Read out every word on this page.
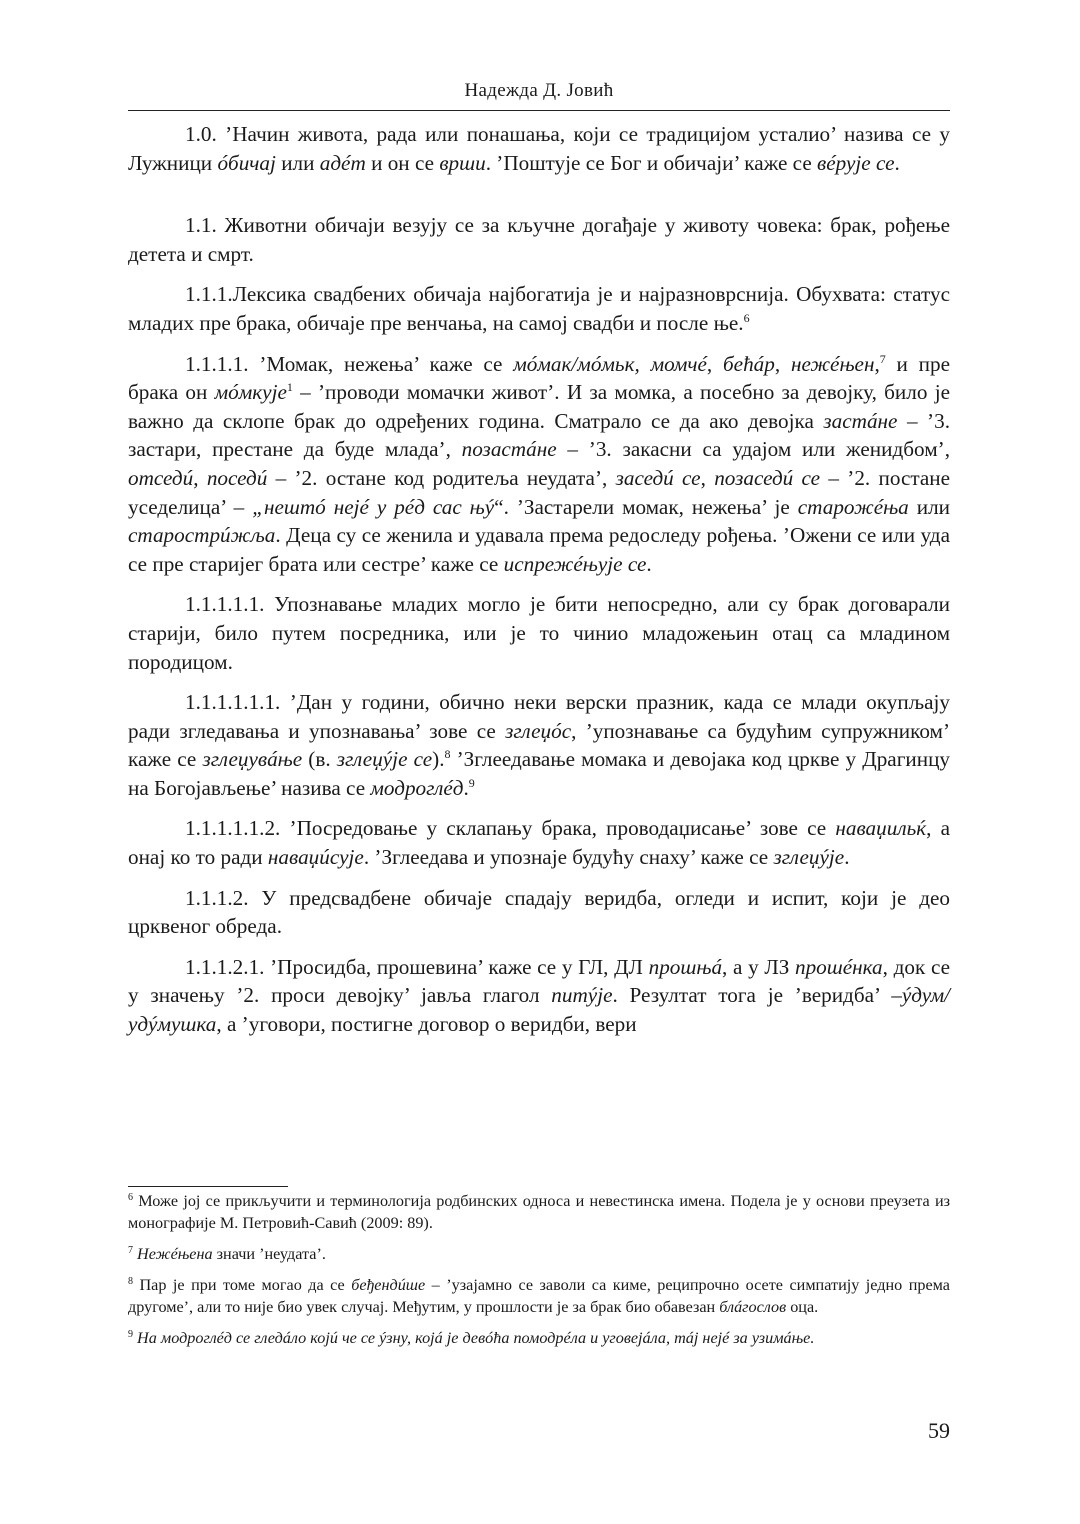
Надежда Д. Јовић

1.0. ’Начин живота, рада или понашања, који се традицијом усталио’ назива се у Лужници óбичај или адéт и он се врши. ’Поштује се Бог и обичаји’ каже се вéрује се.

1.1. Животни обичаји везују се за кључне догађаје у животу човека: брак, рођење детета и смрт.

1.1.1.Лексика свадбених обичаја најбогатија је и најразноврснија. Обухвата: статус младих пре брака, обичаје пре венчања, на самој свадби и после ње.$^6$

1.1.1.1. ’Момак, нежења’ каже се мóмак/мóмьк, момчé, беħáр, нежéњен,$^7$ и пре брака он мóмкује$^1$ – ’проводи момачки живот’. И за момка, а посебно за девојку, било је важно да склопе брак до одређених година. Сматрало се да ако девојка застáне – ’3. застари, престане да буде млада’, позастáне – ’3. закасни са удајом или женидбом’, отседú, поседú – ’2. остане код родитеља неудата’, заседú се, позаседú се – ’2. постане уседелица’ – „нештó нејé у рéд сас њý“. ’Застарели момак, нежења’ је старожéња или старострúжља. Деца су се женила и удавала према редоследу рођења. ’Ожени се или уда се пре старијег брата или сестре’ каже се испрежéњује се.

1.1.1.1.1. Упознавање младих могло је бити непосредно, али су брак договарали старији, било путем посредника, или је то чинио младожењин отац са младином породицом.

1.1.1.1.1.1. ’Дан у години, обично неки верски празник, када се млади окупљају ради згледавања и упознавања’ зове се зглеџóс, ’упознавање са будућим супружником’ каже се зглеџувáње (в. зглеџýје се).$^8$ ’Зглеедавање момака и девојака код цркве у Драгинцу на Богојављење’ назива се модроглéд.$^9$

1.1.1.1.1.2. ’Посредовање у склапању брака, проводаџисање’ зове се наваџильќ, а онај ко то ради наваџúсује. ’Зглеедава и упознаје будућу снаху’ каже се зглеџýје.

1.1.1.2. У предсвадбене обичаје спадају веридба, огледи и испит, који је део црквеног обреда.

1.1.1.2.1. ’Просидба, прошевина’ каже се у ГЛ, ДЛ прошњá, а у ЛЗ прошéнка, док се у значењу ’2. проси девојку’ јавља глагол питýје. Резултат тога је ’веридба’ –ýдум/удýмушка, а ’уговори, постигне договор о веридби, вери

$^6$ Може јој се прикључити и терминологија родбинских односа и невестинска имена. Подела је у основи преузета из монографије М. Петровић-Савић (2009: 89).

$^7$ Нежéњена значи ’неудата’.

$^8$ Пар је при томе могао да се беђендúше – ’узајамно се заволи са киме, реципрочно осете симпатију једно према другоме’, али то није био увек случај. Међутим, у прошлости је за брак био обавезан блáгослов оца.

$^9$ На модроглéд се гледáло којú че се ýзну, којá је девóћа помодрéла и уговејáла, тáј нејé за узимáње.

59
